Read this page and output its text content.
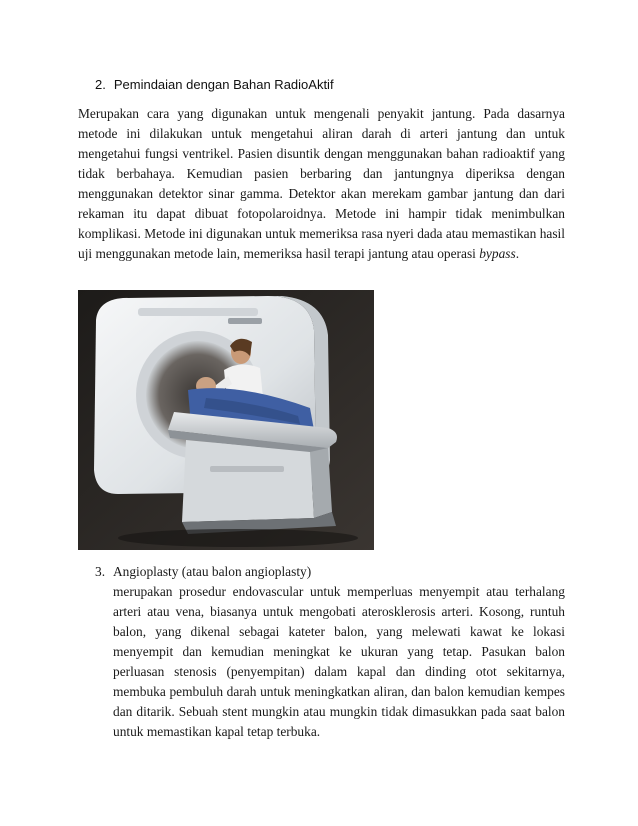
2. Pemindaian dengan Bahan RadioAktif

Merupakan cara yang digunakan untuk mengenali penyakit jantung. Pada dasarnya metode ini dilakukan untuk mengetahui aliran darah di arteri jantung dan untuk mengetahui fungsi ventrikel. Pasien disuntik dengan menggunakan bahan radioaktif yang tidak berbahaya. Kemudian pasien berbaring dan jantungnya diperiksa dengan menggunakan detektor sinar gamma. Detektor akan merekam gambar jantung dan dari rekaman itu dapat dibuat fotopolaroidnya. Metode ini hampir tidak menimbulkan komplikasi. Metode ini digunakan untuk memeriksa rasa nyeri dada atau memastikan hasil uji menggunakan metode lain, memeriksa hasil terapi jantung atau operasi bypass.

3. Angioplasty (atau balon angioplasty)

merupakan prosedur endovascular untuk memperluas menyempit atau terhalang arteri atau vena, biasanya untuk mengobati aterosklerosis arteri. Kosong, runtuh balon, yang dikenal sebagai kateter balon, yang melewati kawat ke lokasi menyempit dan kemudian meningkat ke ukuran yang tetap. Pasukan balon perluasan stenosis (penyempitan) dalam kapal dan dinding otot sekitarnya, membuka pembuluh darah untuk meningkatkan aliran, dan balon kemudian kempes dan ditarik. Sebuah stent mungkin atau mungkin tidak dimasukkan pada saat balon untuk memastikan kapal tetap terbuka.
